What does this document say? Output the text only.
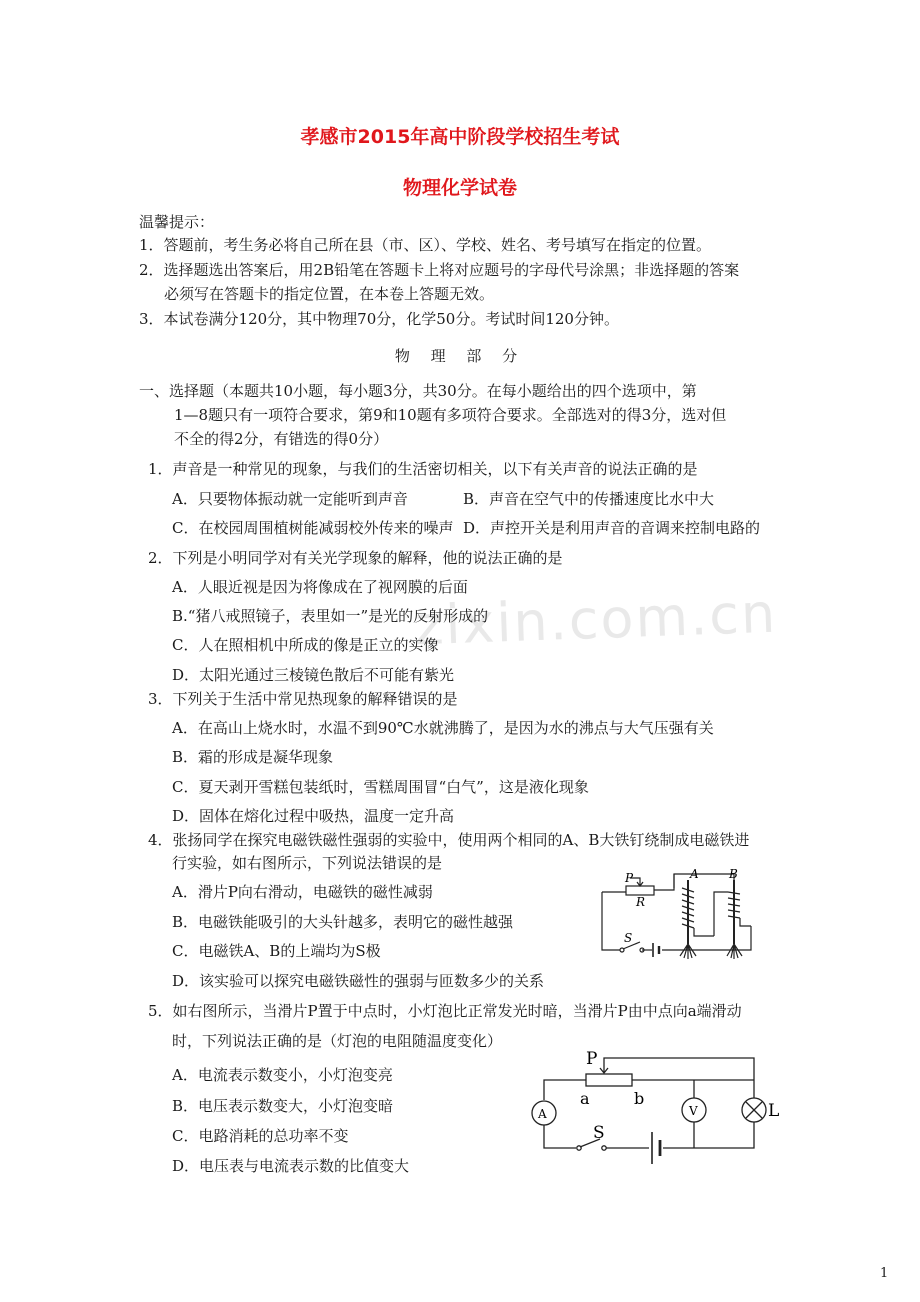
zixin.com.cn
孝感市2015年高中阶段学校招生考试
物理化学试卷
温馨提示：
1．答题前，考生务必将自己所在县（市、区）、学校、姓名、考号填写在指定的位置。
2．选择题选出答案后，用2B铅笔在答题卡上将对应题号的字母代号涂黑；非选择题的答案
必须写在答题卡的指定位置，在本卷上答题无效。
3．本试卷满分120分，其中物理70分，化学50分。考试时间120分钟。
物 理 部 分
一、选择题（本题共10小题，每小题3分，共30分。在每小题给出的四个选项中，第
1—8题只有一项符合要求，第9和10题有多项符合要求。全部选对的得3分，选对但
不全的得2分，有错选的得0分）
1．声音是一种常见的现象，与我们的生活密切相关，以下有关声音的说法正确的是
A．只要物体振动就一定能听到声音	B．声音在空气中的传播速度比水中大
C．在校园周围植树能减弱校外传来的噪声 D．声控开关是利用声音的音调来控制电路的
2．下列是小明同学对有关光学现象的解释，他的说法正确的是
A．人眼近视是因为将像成在了视网膜的后面
B.“猪八戒照镜子，表里如一”是光的反射形成的
C．人在照相机中所成的像是正立的实像
D．太阳光通过三棱镜色散后不可能有紫光
3．下列关于生活中常见热现象的解释错误的是
A．在高山上烧水时，水温不到90℃水就沸腾了，是因为水的沸点与大气压强有关
B．霜的形成是凝华现象
C．夏天剥开雪糕包装纸时，雪糕周围冒“白气”，这是液化现象
D．固体在熔化过程中吸热，温度一定升高
4．张扬同学在探究电磁铁磁性强弱的实验中，使用两个相同的A、B大铁钉绕制成电磁铁进
行实验，如右图所示，下列说法错误的是
A．滑片P向右滑动，电磁铁的磁性减弱
B．电磁铁能吸引的大头针越多，表明它的磁性越强
C．电磁铁A、B的上端均为S极
D．该实验可以探究电磁铁磁性的强弱与匝数多少的关系
P
R
S
A	B
5．如右图所示，当滑片P置于中点时，小灯泡比正常发光时暗，当滑片P由中点向a端滑动
时，下列说法正确的是（灯泡的电阻随温度变化）
A．电流表示数变小，小灯泡变亮
B．电压表示数变大，小灯泡变暗
C．电路消耗的总功率不变
D．电压表与电流表示数的比值变大
A	V
P
a	b
S
L
1
